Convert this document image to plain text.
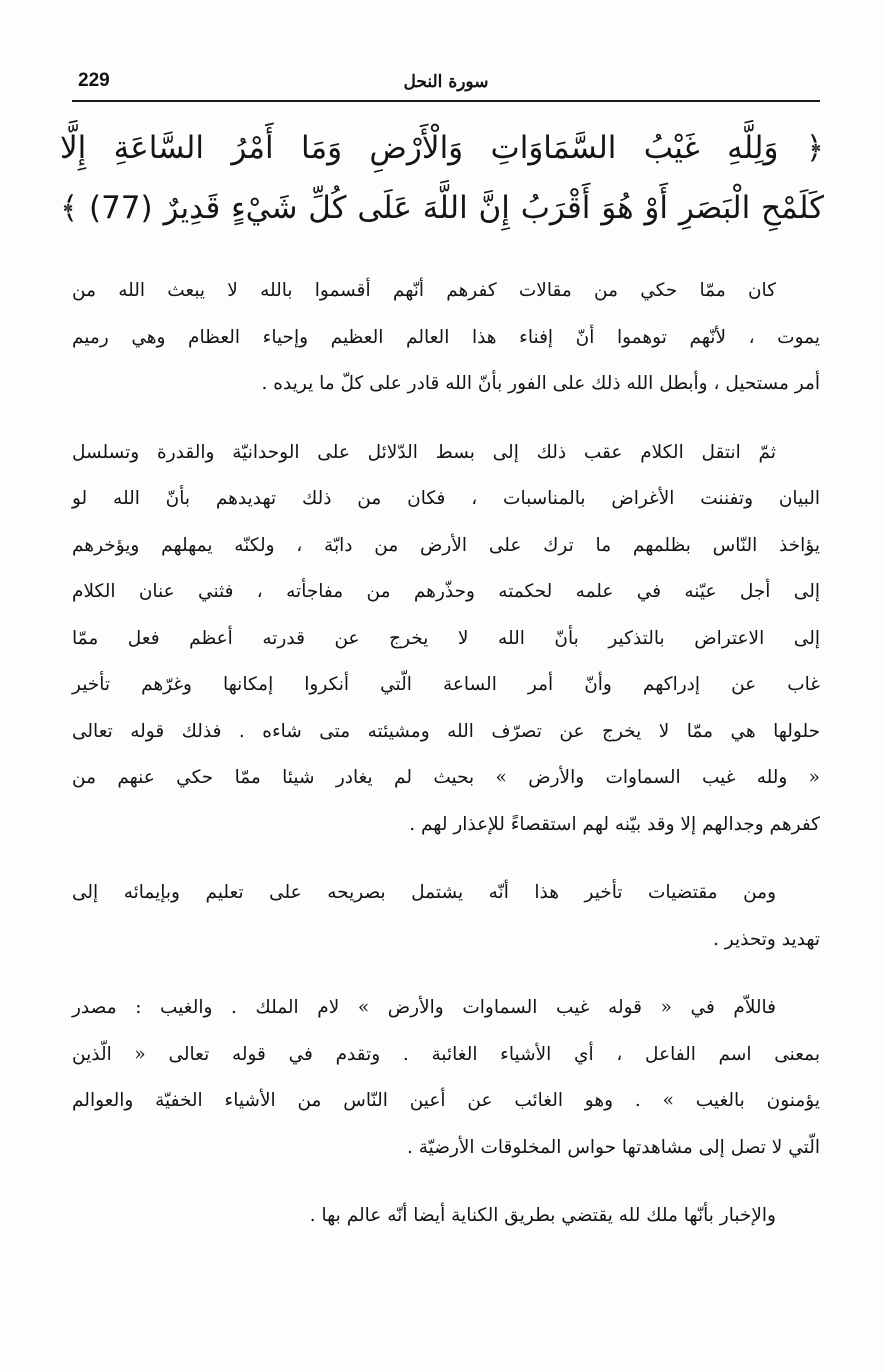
229	سورة النحل
﴿ وَلِلَّهِ غَيْبُ السَّمَاوَاتِ وَالْأَرْضِ وَمَا أَمْرُ السَّاعَةِ إِلَّا
كَلَمْحِ الْبَصَرِ أَوْ هُوَ أَقْرَبُ إِنَّ اللَّهَ عَلَى كُلِّ شَيْءٍ قَدِيرٌ (77) ﴾
كان ممّا حكي من مقالات كفرهم أنّهم أقسموا بالله لا يبعث الله من
يموت ، لأنّهم توهموا أنّ إفناء هذا العالم العظيم وإحياء العظام وهي رميم
أمر مستحيل ، وأبطل الله ذلك على الفور بأنّ الله قادر على كلّ ما يريده .
ثمّ انتقل الكلام عقب ذلك إلى بسط الدّلائل على الوحدانيّة والقدرة وتسلسل
البيان وتفننت الأغراض بالمناسبات ، فكان من ذلك تهديدهم بأنّ الله لو
يؤاخذ النّاس بظلمهم ما ترك على الأرض من دابّة ، ولكنّه يمهلهم ويؤخرهم
إلى أجل عيّنه في علمه لحكمته وحذّرهم من مفاجأته ، فثني عنان الكلام
إلى الاعتراض بالتذكير بأنّ الله لا يخرج عن قدرته أعظم فعل ممّا
غاب عن إدراكهم وأنّ أمر الساعة الّتي أنكروا إمكانها وغرّهم تأخير
حلولها هي ممّا لا يخرج عن تصرّف الله ومشيئته متى شاءه . فذلك قوله تعالى
« ولله غيب السماوات والأرض » بحيث لم يغادر شيئا ممّا حكي عنهم من
كفرهم وجدالهم إلا وقد بيّنه لهم استقصاءً للإعذار لهم .
ومن مقتضيات تأخير هذا أنّه يشتمل بصريحه على تعليم وبإيمائه إلى
تهديد وتحذير .
فاللاّم في « قوله غيب السماوات والأرض » لام الملك . والغيب : مصدر
بمعنى اسم الفاعل ، أي الأشياء الغائبة . وتقدم في قوله تعالى « الّذين
يؤمنون بالغيب » . وهو الغائب عن أعين النّاس من الأشياء الخفيّة والعوالم
الّتي لا تصل إلى مشاهدتها حواس المخلوقات الأرضيّة .
والإخبار بأنّها ملك لله يقتضي بطريق الكناية أيضا أنّه عالم بها .
